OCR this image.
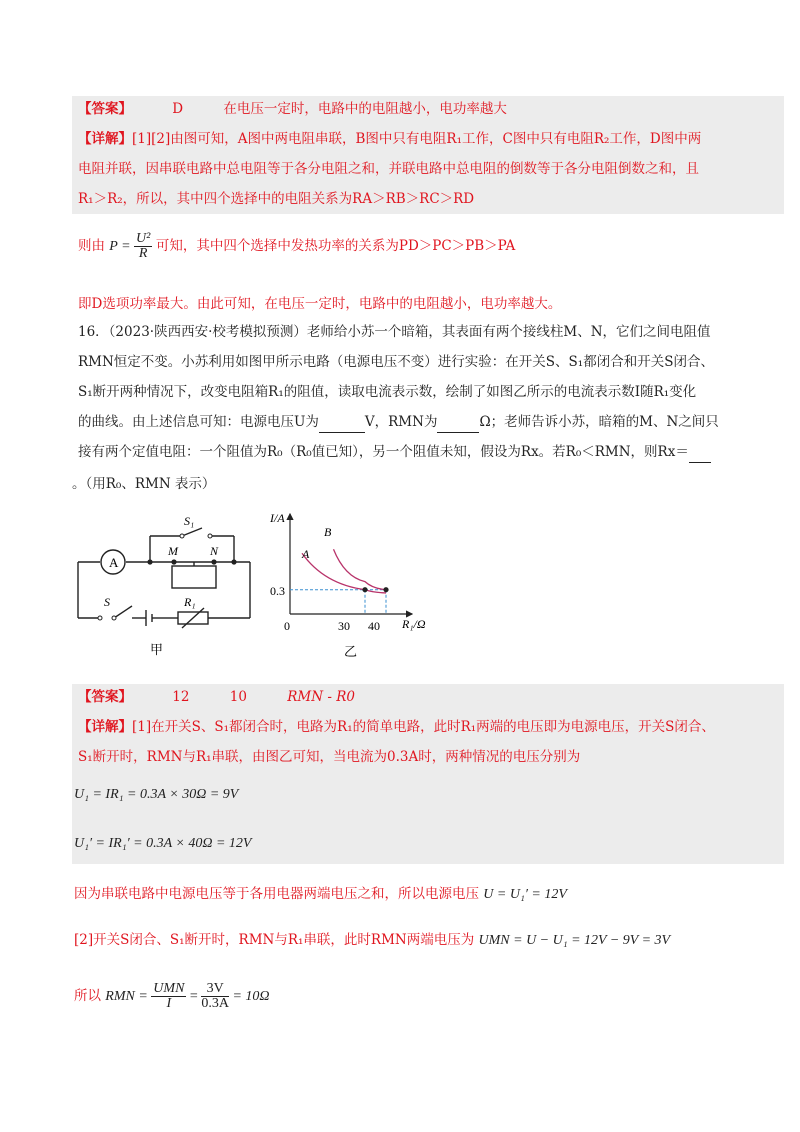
【答案】	D	在电压一定时，电路中的电阻越小，电功率越大
【详解】[1][2]由图可知，A图中两电阻串联，B图中只有电阻R₁工作，C图中只有电阻R₂工作，D图中两
电阻并联，因串联电路中总电阻等于各分电阻之和，并联电路中总电阻的倒数等于各分电阻倒数之和，且
R₁＞R₂，所以，其中四个选择中的电阻关系为RA＞RB＞RC＞RD
则由 $P = \frac{\text{U²}}{R}$ 可知，其中四个选择中发热功率的关系为PD＞PC＞PB＞PA
即D选项功率最大。由此可知，在电压一定时，电路中的电阻越小，电功率越大。
16．（2023·陕西西安·校考模拟预测）老师给小苏一个暗箱，其表面有两个接线柱M、N，它们之间电阻值
RMN恒定不变。小苏利用如图甲所示电路（电源电压不变）进行实验：在开关S、S₁都闭合和开关S闭合、
S₁断开两种情况下，改变电阻箱R₁的阻值，读取电流表示数，绘制了如图乙所示的电流表示数I随R₁变化
的曲线。由上述信息可知：电源电压U为	V，RMN为	Ω；老师告诉小苏，暗箱的M、N之间只
接有两个定值电阻：一个阻值为R₀（R₀值已知），另一个阻值未知，假设为Rx。若R₀＜RMN，则Rx＝
。（用R₀、RMN 表示）
A
S₁
S
M	N
R₁
甲
I/A
R₁/Ω
0	30 40
0.3
A
B
乙
【答案】	12	10	RMN - R0
【详解】[1]在开关S、S₁都闭合时，电路为R₁的简单电路，此时R₁两端的电压即为电源电压，开关S闭合、
S₁断开时，RMN与R₁串联，由图乙可知，当电流为0.3A时，两种情况的电压分别为
U₁ = IR₁ = 0.3A × 30Ω = 9V
U₁′ = IR₁′ = 0.3A × 40Ω = 12V
因为串联电路中电源电压等于各用电器两端电压之和，所以电源电压 U = U₁′ = 12V
[2]开关S闭合、S₁断开时，RMN与R₁串联，此时RMN两端电压为 UMN = U − U₁ = 12V − 9V = 3V
所以 RMN = $\frac{\text{UMN}}{I} = \frac{3V}{0.3A} = 10\Omega$
